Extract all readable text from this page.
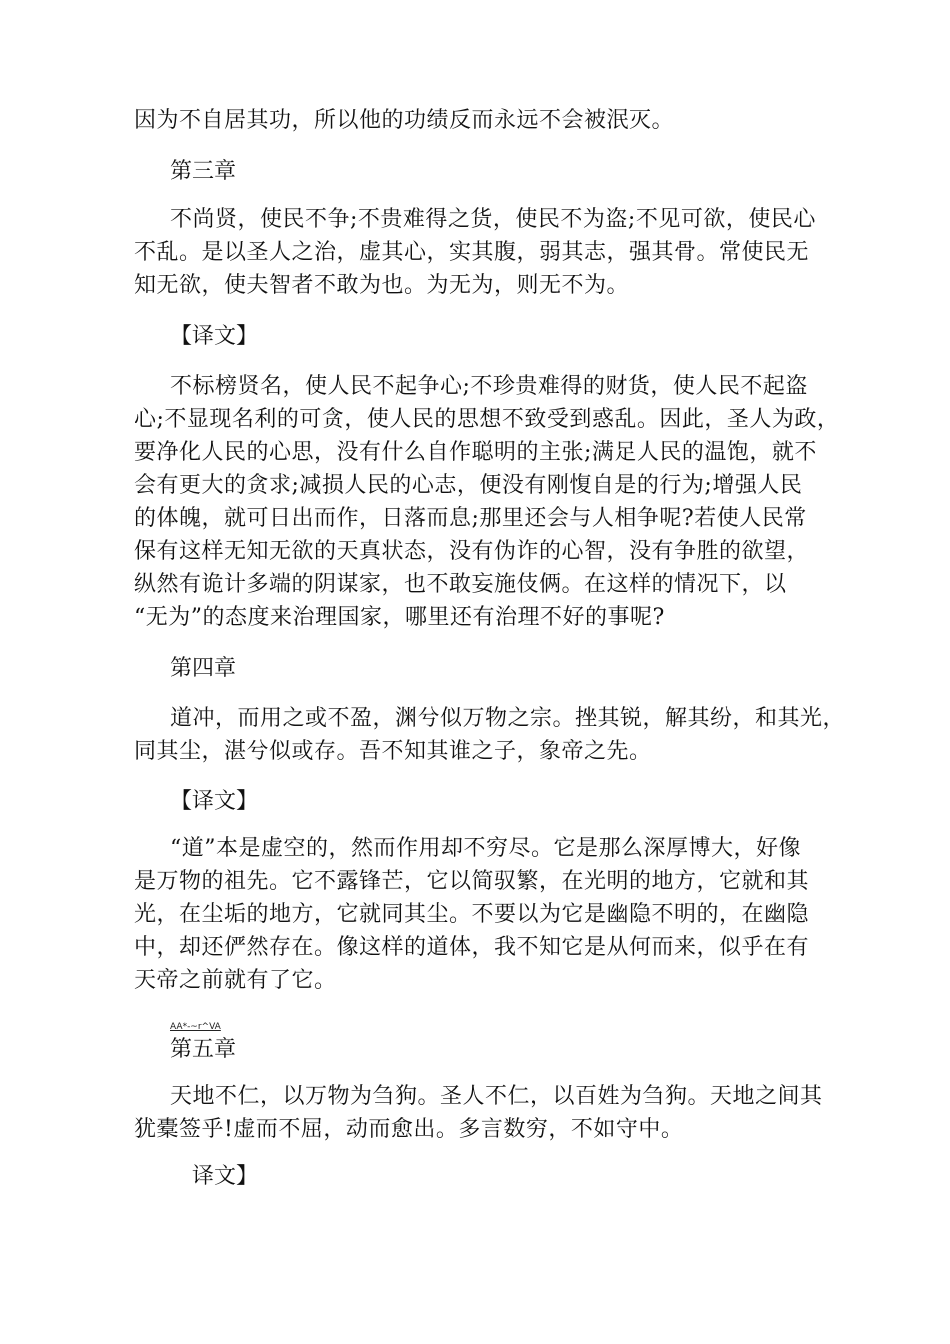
因为不自居其功，所以他的功绩反而永远不会被泯灭。
第三章
不尚贤，使民不争;不贵难得之货，使民不为盗;不见可欲，使民心
不乱。是以圣人之治，虚其心，实其腹，弱其志，强其骨。常使民无
知无欲，使夫智者不敢为也。为无为，则无不为。
【译文】
不标榜贤名，使人民不起争心;不珍贵难得的财货，使人民不起盗
心;不显现名利的可贪，使人民的思想不致受到惑乱。因此，圣人为政，
要净化人民的心思，没有什么自作聪明的主张;满足人民的温饱，就不
会有更大的贪求;减损人民的心志，便没有刚愎自是的行为;增强人民
的体魄，就可日出而作，日落而息;那里还会与人相争呢?若使人民常
保有这样无知无欲的天真状态，没有伪诈的心智，没有争胜的欲望，
纵然有诡计多端的阴谋家，也不敢妄施伎俩。在这样的情况下，以
“无为”的态度来治理国家，哪里还有治理不好的事呢?
第四章
道冲，而用之或不盈，渊兮似万物之宗。挫其锐，解其纷，和其光，
同其尘，湛兮似或存。吾不知其谁之子，象帝之先。
【译文】
“道”本是虚空的，然而作用却不穷尽。它是那么深厚博大，好像
是万物的祖先。它不露锋芒，它以简驭繁，在光明的地方，它就和其
光，在尘垢的地方，它就同其尘。不要以为它是幽隐不明的，在幽隐
中，却还俨然存在。像这样的道体，我不知它是从何而来，似乎在有
天帝之前就有了它。
AA*-~r^VA
第五章
天地不仁，以万物为刍狗。圣人不仁，以百姓为刍狗。天地之间其
犹橐签乎!虚而不屈，动而愈出。多言数穷，不如守中。
译文】
